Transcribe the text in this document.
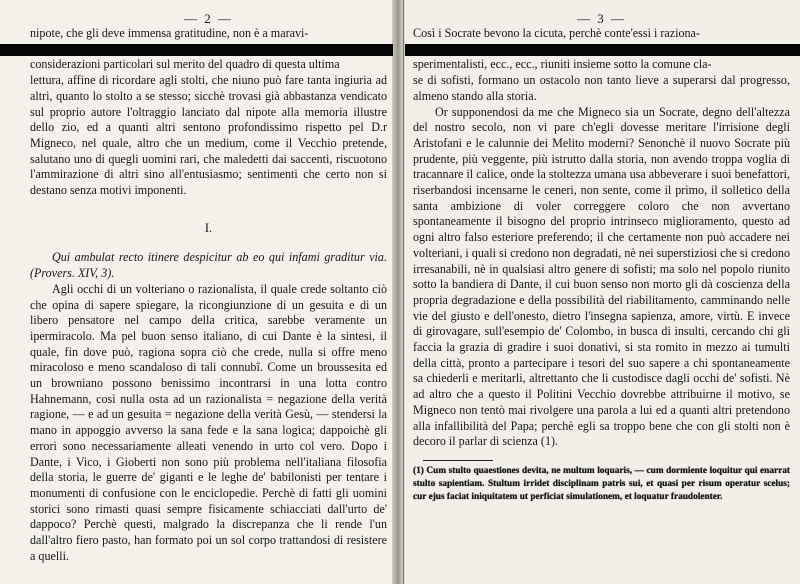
— 2 —

nipote, che gli deve immensa gratitudine, non è a maravi-

considerazioni particolari sul merito del quadro di questa ultima

lettura, affine di ricordare agli stolti, che niuno può fare tanta ingiuria ad altri, quanto lo stolto a se stesso; sicchè trovasi già abbastanza vendicato sul proprio autore l'oltraggio lanciato dal nipote alla memoria illustre dello zio, ed a quanti altri sentono profondissimo rispetto pel D.r Migneco, nel quale, altro che un medium, come il Vecchio pretende, salutano uno di quegli uomini rari, che maledetti dai saccenti, riscuotono l'ammirazione di altri sino all'entusiasmo; sentimenti che certo non si destano senza motivi imponenti.

I.

Qui ambulat recto itinere despicitur ab eo qui infami graditur via. (Provers. XIV, 3).

Agli occhi di un volteriano o razionalista, il quale crede soltanto ciò che opina di sapere spiegare, la ricongiunzione di un gesuita e di un libero pensatore nel campo della critica, sarebbe veramente un ipermiracolo. Ma pel buon senso italiano, di cui Dante è la sintesi, il quale, fin dove può, ragiona sopra ciò che crede, nulla si offre meno miracoloso e meno scandaloso di tali connubî. Come un broussesita ed un browniano possono benissimo incontrarsi in una lotta contro Hahnemann, così nulla osta ad un razionalista = negazione della verità ragione, — e ad un gesuita = negazione della verità Gesù, — stendersi la mano in appoggio avverso la sana fede e la sana logica; dappoichè gli errori sono necessariamente alleati venendo in urto col vero. Dopo i Dante, i Vico, i Gioberti non sono più problema nell'italiana filosofia della storia, le guerre de' giganti e le leghe de' babilonisti per tentare i monumenti di confusione con le enciclopedie. Perchè di fatti gli uomini storici sono rimasti quasi sempre fisicamente schiacciati dall'urto de' dappoco? Perchè questi, malgrado la discrepanza che li rende l'un dall'altro fiero pasto, han formato poi un sol corpo trattandosi di resistere a quelli.

— 3 —

Così i Socrate bevono la cicuta, perchè conte'essi i raziona-

sperimentalisti, ecc., ecc., riuniti insieme sotto la comune cla-

se di sofisti, formano un ostacolo non tanto lieve a superarsi dal progresso, almeno stando alla storia.

Or supponendosi da me che Migneco sia un Socrate, degno dell'altezza del nostro secolo, non vi pare ch'egli dovesse meritare l'irrisione degli Aristofani e le calunnie dei Melito moderni? Senonchè il nuovo Socrate più prudente, più veggente, più istrutto dalla storia, non avendo troppa voglia di tracannare il calice, onde la stoltezza umana usa abbeverare i suoi benefattori, riserbandosi incensarne le ceneri, non sente, come il primo, il solletico della santa ambizione di voler correggere coloro che non avvertano spontaneamente il bisogno del proprio intrinseco miglioramento, questo ad ogni altro falso esteriore preferendo; il che certamente non può accadere nei volteriani, i quali si credono non degradati, nè nei superstiziosi che si credono irresanabili, nè in qualsiasi altro genere di sofisti; ma solo nel popolo riunito sotto la bandiera di Dante, il cui buon senso non morto gli dà coscienza della propria degradazione e della possibilità del riabilitamento, camminando nelle vie del giusto e dell'onesto, dietro l'insegna sapienza, amore, virtù. E invece di girovagare, sull'esempio de' Colombo, in busca di insulti, cercando chi gli faccia la grazia di gradire i suoi donativi, si sta romito in mezzo ai tumulti della città, pronto a partecipare i tesori del suo sapere a chi spontaneamente sa chiederli e meritarli, altrettanto che li custodisce dagli occhi de' sofisti. Nè ad altro che a questo il Politini Vecchio dovrebbe attribuirne il motivo, se Migneco non tentò mai rivolgere una parola a lui ed a quanti altri pretendono alla infallibilità del Papa; perchè egli sa troppo bene che con gli stolti non è decoro il parlar di scienza (1).

(1) Cum stulto quaestiones devita, ne multum loquaris, — cum dormiente loquitur qui enarrat stulto sapientiam. Stultum irridet disciplinam patris sui, et quasi per risum operatur scelus; cur ejus faciat iniquitatem ut perficiat simulationem, et loquatur fraudolenter.
